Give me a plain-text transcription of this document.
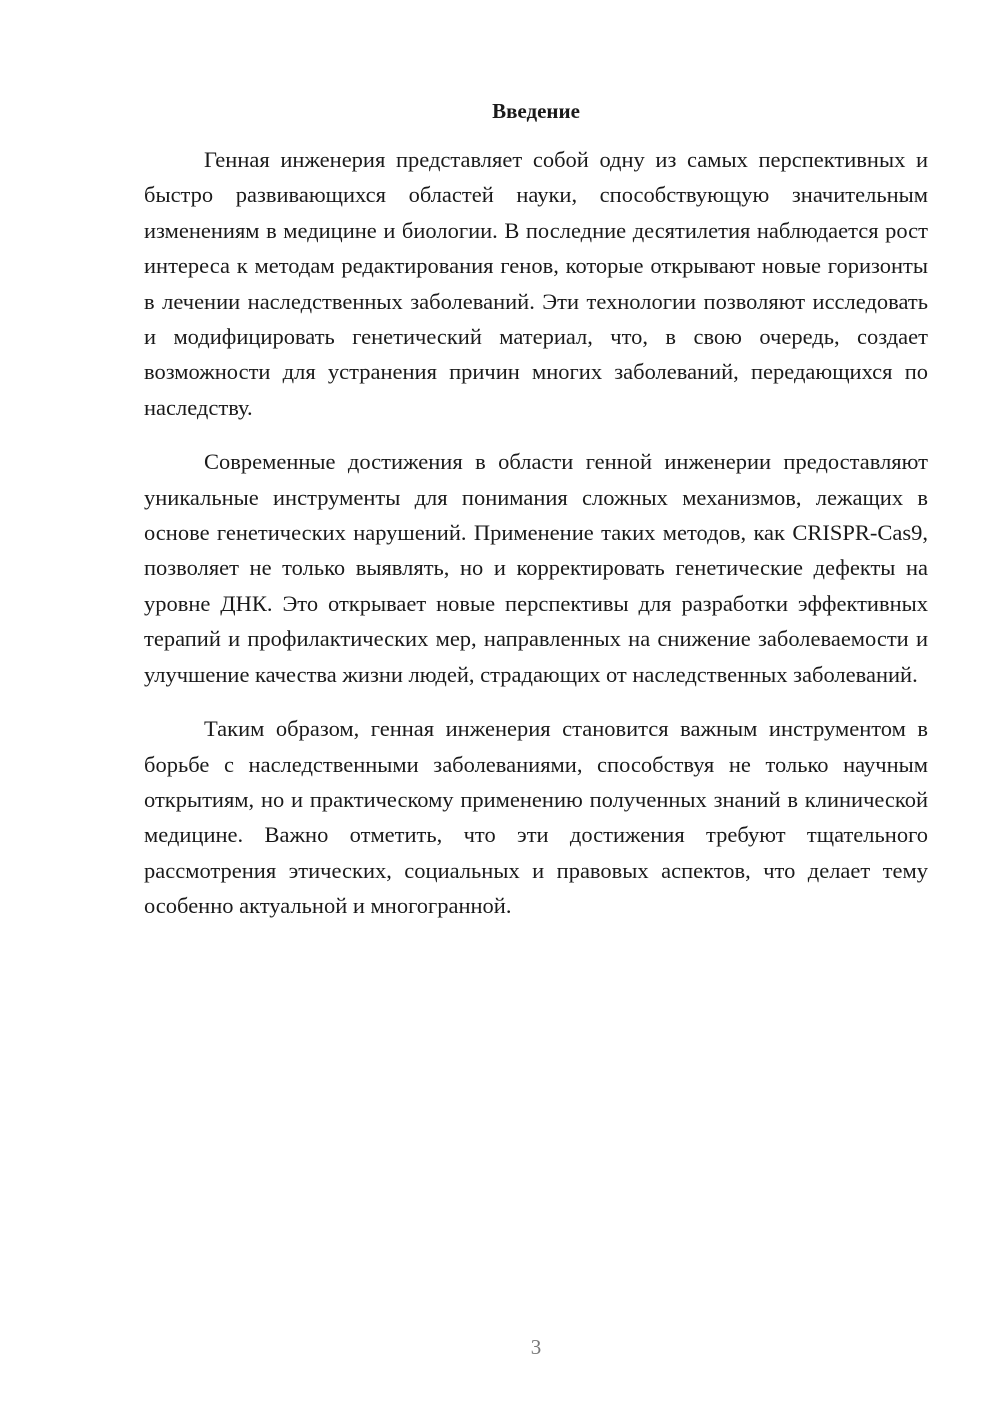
Введение

Генная инженерия представляет собой одну из самых перспективных и быстро развивающихся областей науки, способствующую значительным изменениям в медицине и биологии. В последние десятилетия наблюдается рост интереса к методам редактирования генов, которые открывают новые горизонты в лечении наследственных заболеваний. Эти технологии позволяют исследовать и модифицировать генетический материал, что, в свою очередь, создает возможности для устранения причин многих заболеваний, передающихся по наследству.

Современные достижения в области генной инженерии предоставляют уникальные инструменты для понимания сложных механизмов, лежащих в основе генетических нарушений. Применение таких методов, как CRISPR-Cas9, позволяет не только выявлять, но и корректировать генетические дефекты на уровне ДНК. Это открывает новые перспективы для разработки эффективных терапий и профилактических мер, направленных на снижение заболеваемости и улучшение качества жизни людей, страдающих от наследственных заболеваний.

Таким образом, генная инженерия становится важным инструментом в борьбе с наследственными заболеваниями, способствуя не только научным открытиям, но и практическому применению полученных знаний в клинической медицине. Важно отметить, что эти достижения требуют тщательного рассмотрения этических, социальных и правовых аспектов, что делает тему особенно актуальной и многогранной.

3
